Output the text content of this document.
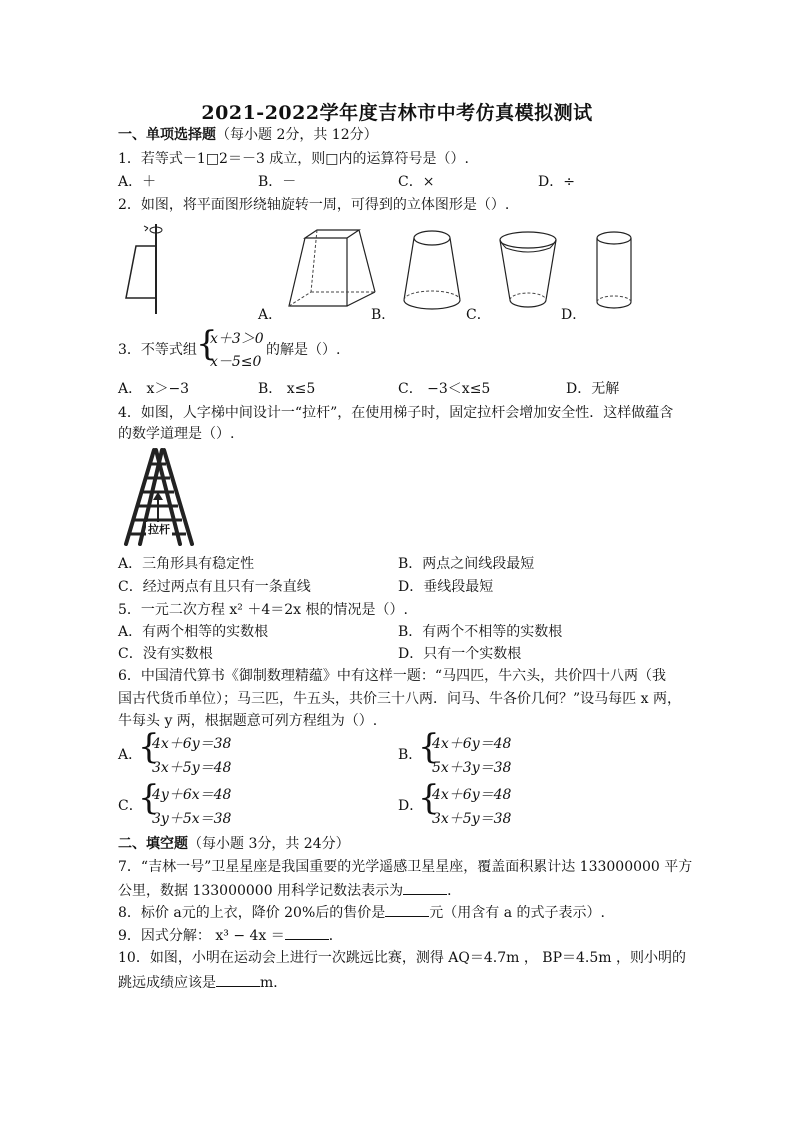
2021-2022学年度吉林市中考仿真模拟测试
一、单项选择题（每小题 2分，共 12分）
1．若等式－1□2＝－3 成立，则□内的运算符号是（）.
A．＋	B．－	C．×	D．÷
2．如图，将平面图形绕轴旋转一周，可得到的立体图形是（）.
A．	B．	C．	D．
3．不等式组 {
x＋3＞0
x－5≤0
的解是（）.
A． x＞−3	B． x≤5	C． −3＜x≤5	D．无解
4．如图，人字梯中间设计一“拉杆”，在使用梯子时，固定拉杆会增加安全性．这样做蕴含
的数学道理是（）.
拉杆
A．三角形具有稳定性	B．两点之间线段最短
C．经过两点有且只有一条直线	D．垂线段最短
5．一元二次方程 x² ＋4＝2x 根的情况是（）.
A．有两个相等的实数根	B．有两个不相等的实数根
C．没有实数根	D．只有一个实数根
6．中国清代算书《御制数理精蕴》中有这样一题：“马四匹，牛六头，共价四十八两（我
国古代货币单位）；马三匹，牛五头，共价三十八两．问马、牛各价几何？”设马每匹 x 两，
牛每头 y 两，根据题意可列方程组为（）.
A．
{
4x＋6y＝38
3x＋5y＝48
B．
{
4x＋6y＝48
5x＋3y＝38
C．
{
4y＋6x＝48
3y＋5x＝38
D．
{
4x＋6y＝48
3x＋5y＝38
二、填空题（每小题 3分，共 24分）
7．“吉林一号”卫星星座是我国重要的光学遥感卫星星座，覆盖面积累计达 133000000 平方
公里，数据 133000000 用科学记数法表示为	．
8．标价 a元的上衣，降价 20%后的售价是	元（用含有 a 的式子表示）.
9．因式分解： x³ − 4x ＝	．
10．如图，小明在运动会上进行一次跳远比赛，测得 AQ＝4.7m ， BP＝4.5m ，则小明的
跳远成绩应该是	m．
